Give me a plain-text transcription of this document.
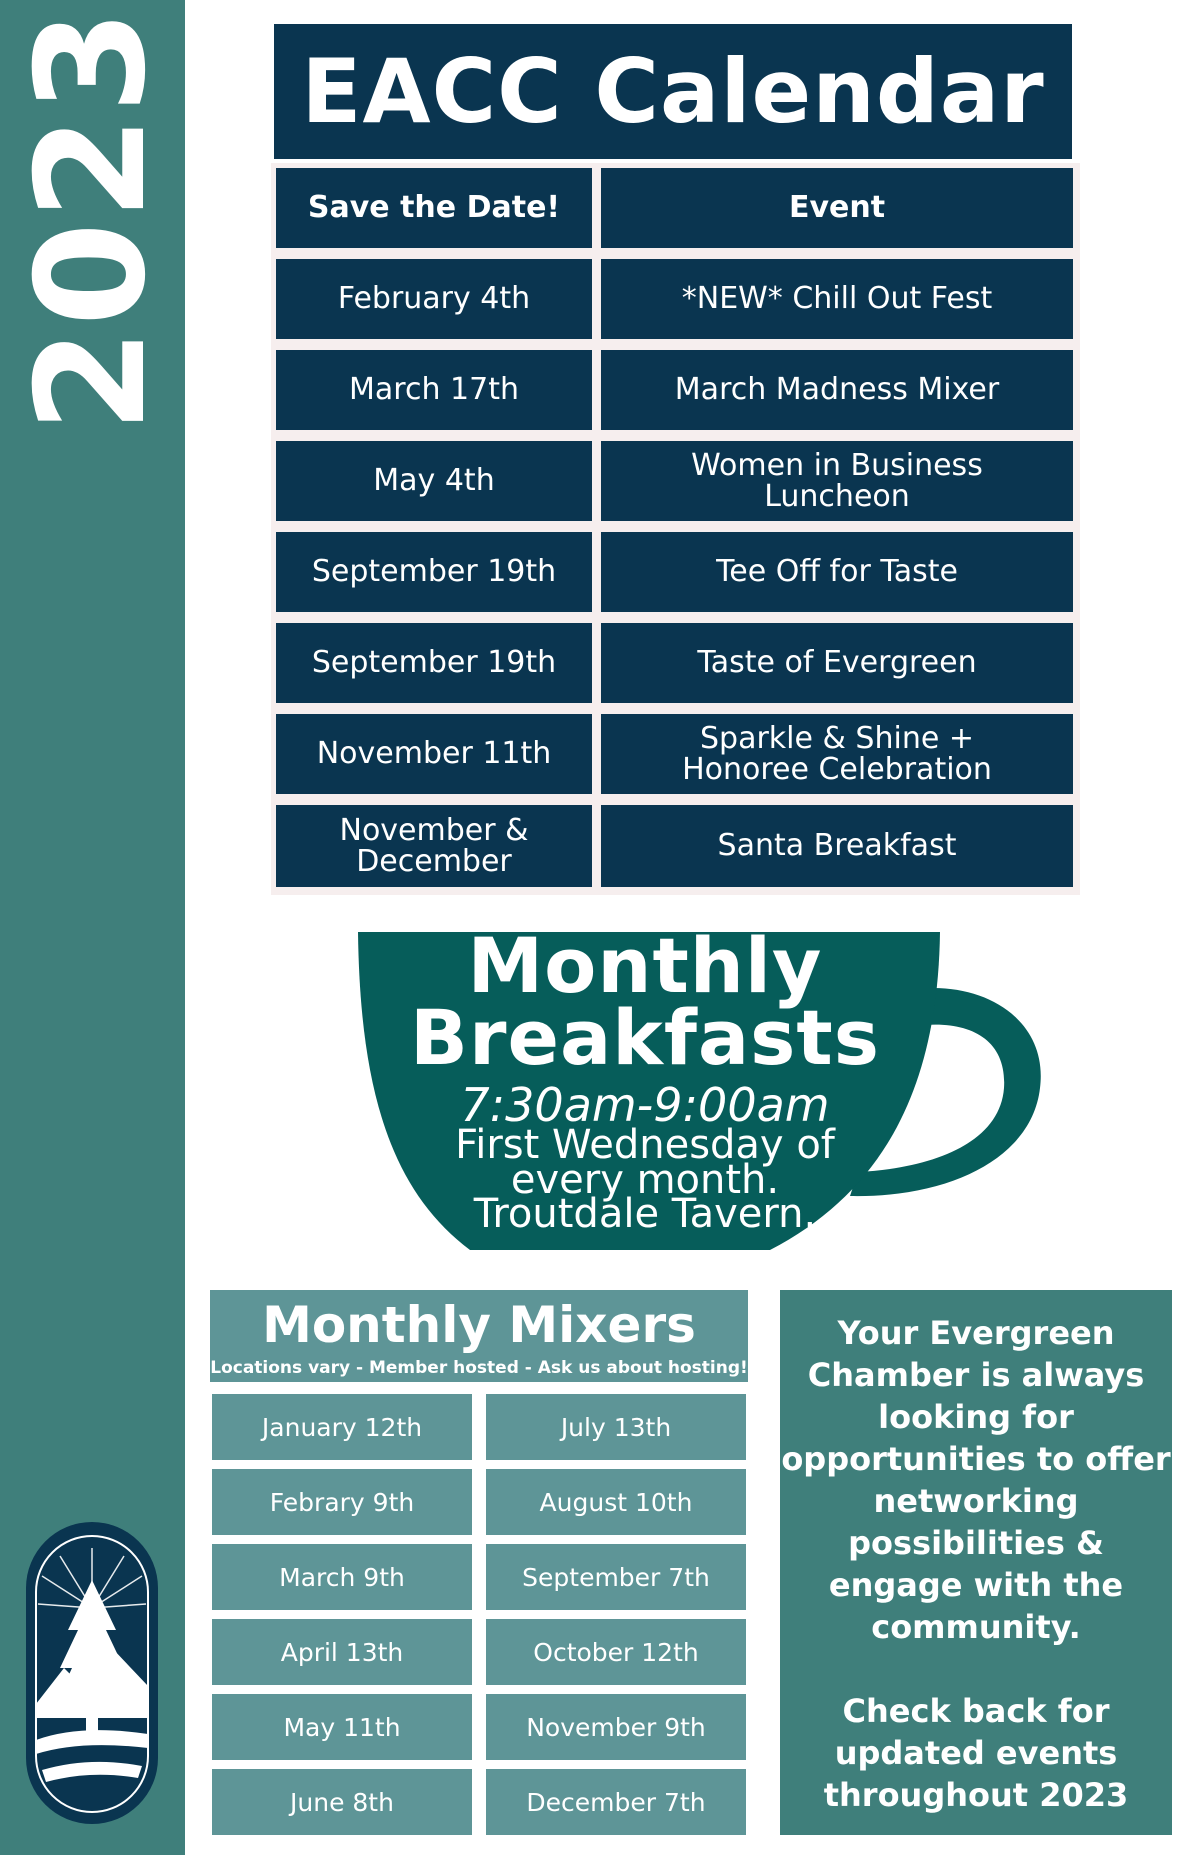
2023	EACC Calendar
Save the Date!	Event
February 4th	*NEW* Chill Out Fest
March 17th	March Madness Mixer
May 4th	Women in Business Luncheon
September 19th	Tee Off for Taste
September 19th	Taste of Evergreen
November 11th	Sparkle & Shine + Honoree Celebration
November & December	Santa Breakfast
Monthly
Breakfasts
7:30am-9:00am
First Wednesday of
every month.
Troutdale Tavern.
Monthly Mixers
Locations vary - Member hosted - Ask us about hosting!
January 12th	July 13th
Febrary 9th	August 10th
March 9th	September 7th
April 13th	October 12th
May 11th	November 9th
June 8th	December 7th

Your Evergreen Chamber is always looking for opportunities to offer networking possibilities & engage with the community.

Check back for updated events throughout 2023
